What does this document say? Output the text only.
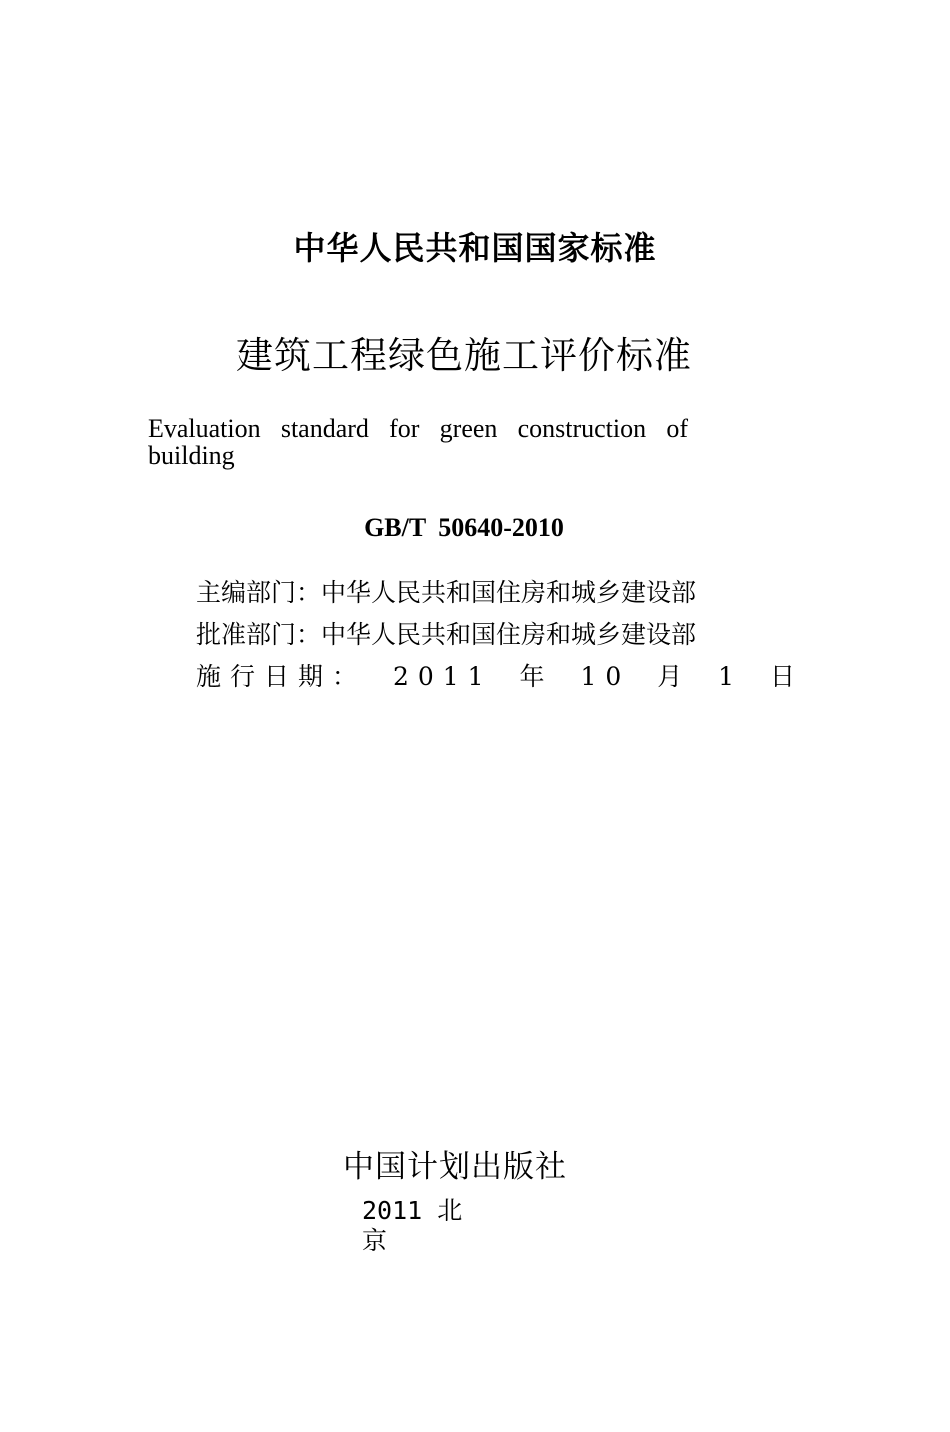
中华人民共和国国家标准
建筑工程绿色施工评价标准
Evaluation standard for green construction of building
GB/T 50640-2010
主编部门：中华人民共和国住房和城乡建设部
批准部门：中华人民共和国住房和城乡建设部
施行日期： 2011 年 10 月 1 日
中国计划出版社
2011 北京
